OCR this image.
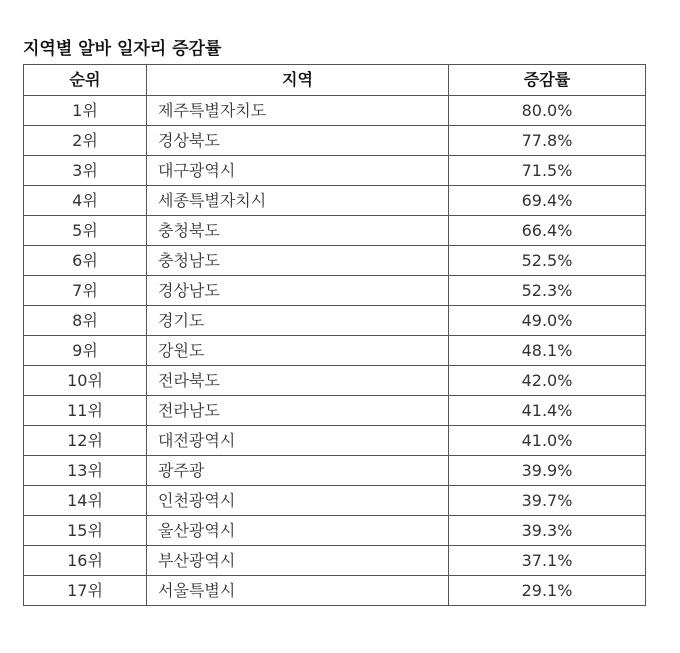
지역별 알바 일자리 증감률
순위	지역	증감률
1위	제주특별자치도	80.0%
2위	경상북도	77.8%
3위	대구광역시	71.5%
4위	세종특별자치시	69.4%
5위	충청북도	66.4%
6위	충청남도	52.5%
7위	경상남도	52.3%
8위	경기도	49.0%
9위	강원도	48.1%
10위	전라북도	42.0%
11위	전라남도	41.4%
12위	대전광역시	41.0%
13위	광주광	39.9%
14위	인천광역시	39.7%
15위	울산광역시	39.3%
16위	부산광역시	37.1%
17위	서울특별시	29.1%
